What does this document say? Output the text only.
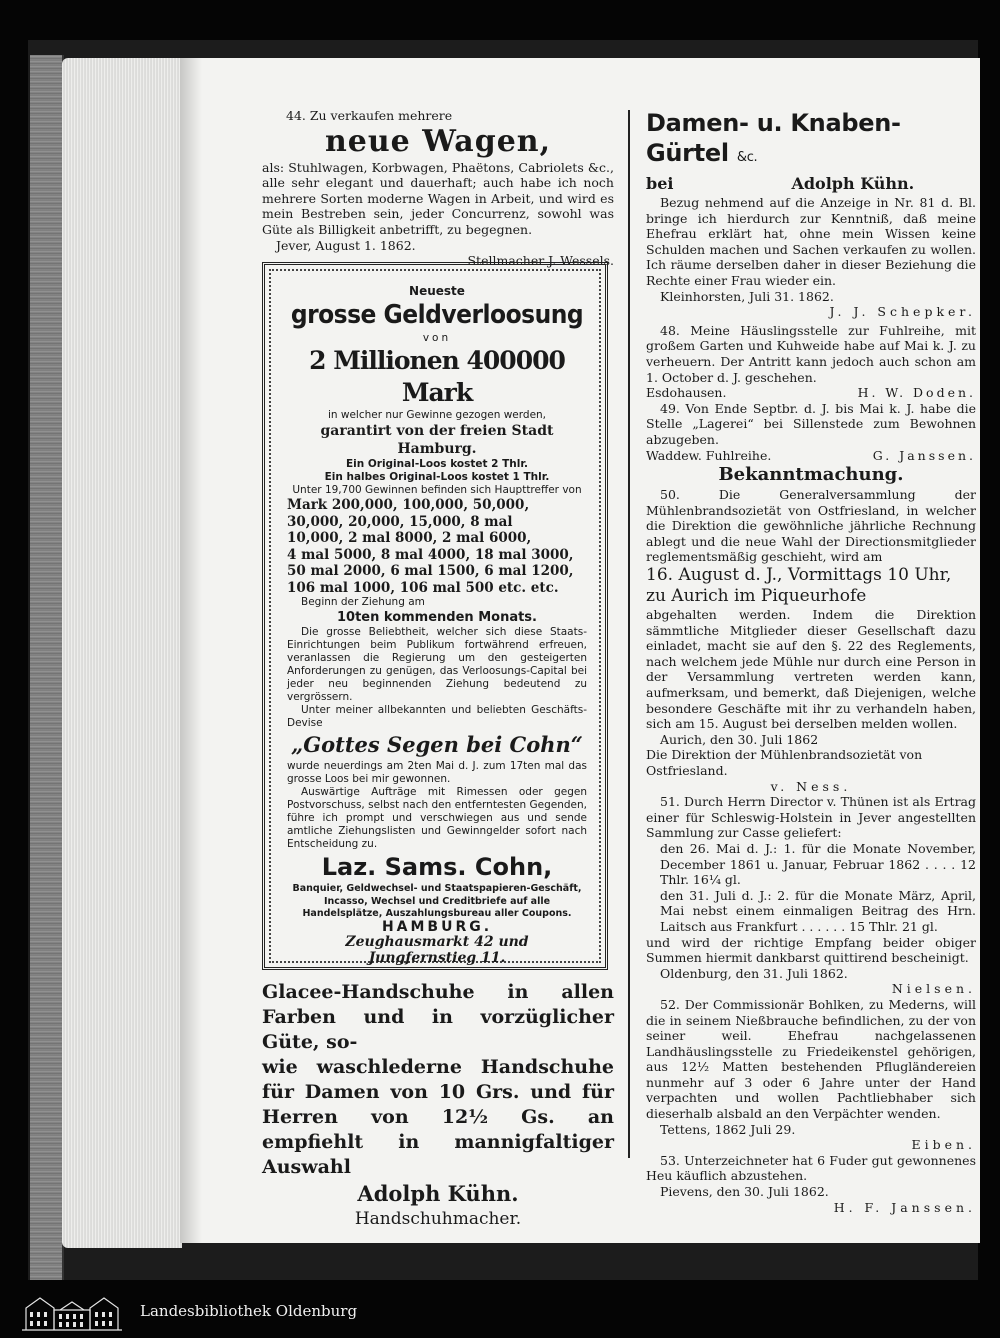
44. Zu verkaufen mehrere

neue Wagen,

als: Stuhlwagen, Korbwagen, Phaëtons, Cabriolets &c., alle sehr elegant und dauerhaft; auch habe ich noch mehrere Sorten moderne Wagen in Arbeit, und wird es mein Bestreben sein, jeder Concurrenz, sowohl was Güte als Billigkeit anbetrifft, zu begegnen.

Jever, August 1. 1862.

Stellmacher J. Wessels.

Neueste

grosse Geldverloosung

von

2 Millionen 400000 Mark

in welcher nur Gewinne gezogen werden,

garantirt von der freien Stadt Hamburg.

Ein Original-Loos kostet 2 Thlr.

Ein halbes Original-Loos kostet 1 Thlr.

Unter 19,700 Gewinnen befinden sich Haupttreffer von

Mark 200,000, 100,000, 50,000,

30,000, 20,000, 15,000, 8 mal

10,000, 2 mal 8000, 2 mal 6000,

4 mal 5000, 8 mal 4000, 18 mal 3000,

50 mal 2000, 6 mal 1500, 6 mal 1200,

106 mal 1000, 106 mal 500 etc. etc.

Beginn der Ziehung am

10ten kommenden Monats.

Die grosse Beliebtheit, welcher sich diese Staats-Einrichtungen beim Publikum fortwährend erfreuen, veranlassen die Regierung um den gesteigerten Anforderungen zu genügen, das Verloosungs-Capital bei jeder neu beginnenden Ziehung bedeutend zu vergrössern.

Unter meiner allbekannten und beliebten Geschäfts-Devise

„Gottes Segen bei Cohn“

wurde neuerdings am 2ten Mai d. J. zum 17ten mal das grosse Loos bei mir gewonnen.

Auswärtige Aufträge mit Rimessen oder gegen Postvorschuss, selbst nach den entferntesten Gegenden, führe ich prompt und verschwiegen aus und sende amtliche Ziehungslisten und Gewinngelder sofort nach Entscheidung zu.

Laz. Sams. Cohn,

Banquier, Geldwechsel- und Staatspapieren-Geschäft, Incasso, Wechsel und Creditbriefe auf alle Handelsplätze, Auszahlungsbureau aller Coupons.

HAMBURG.

Zeughausmarkt 42 und

Jungfernstieg 11.

Glacee-Handschuhe in allen Farben und in vorzüglicher Güte, so-

wie waschlederne Handschuhe für Damen von 10 Grs. und für Herren von 12½ Gs. an empfiehlt in mannigfaltiger Auswahl

Adolph Kühn.

Handschuhmacher.

Damen- u. Knaben-Gürtel &c.

bei	Adolph Kühn.

Bezug nehmend auf die Anzeige in Nr. 81 d. Bl. bringe ich hierdurch zur Kenntniß, daß meine Ehefrau erklärt hat, ohne mein Wissen keine Schulden machen und Sachen verkaufen zu wollen. Ich räume derselben daher in dieser Beziehung die Rechte einer Frau wieder ein.

Kleinhorsten, Juli 31. 1862.

J. J. Schepker.

48. Meine Häuslingsstelle zur Fuhlreihe, mit großem Garten und Kuhweide habe auf Mai k. J. zu verheuern. Der Antritt kann jedoch auch schon am 1. October d. J. geschehen.

Esdohausen.	H. W. Doden.

49. Von Ende Septbr. d. J. bis Mai k. J. habe die Stelle „Lagerei“ bei Sillenstede zum Bewohnen abzugeben.

Waddew. Fuhlreihe.	G. Janssen.

Bekanntmachung.

50. Die Generalversammlung der Mühlenbrandsozietät von Ostfriesland, in welcher die Direktion die gewöhnliche jährliche Rechnung ablegt und die neue Wahl der Directionsmitglieder reglementsmäßig geschieht, wird am

16. August d. J., Vormittags 10 Uhr, zu Aurich im Piqueurhofe

abgehalten werden. Indem die Direktion sämmtliche Mitglieder dieser Gesellschaft dazu einladet, macht sie auf den §. 22 des Reglements, nach welchem jede Mühle nur durch eine Person in der Versammlung vertreten werden kann, aufmerksam, und bemerkt, daß Diejenigen, welche besondere Geschäfte mit ihr zu verhandeln haben, sich am 15. August bei derselben melden wollen.

Aurich, den 30. Juli 1862

Die Direktion der Mühlenbrandsozietät von Ostfriesland.

v. Ness.

51. Durch Herrn Director v. Thünen ist als Ertrag einer für Schleswig-Holstein in Jever angestellten Sammlung zur Casse geliefert:

den 26. Mai d. J.: 1. für die Monate November, December 1861 u. Januar, Februar 1862 . . . . 12 Thlr. 16¼ gl.

den 31. Juli d. J.: 2. für die Monate März, April, Mai nebst einem einmaligen Beitrag des Hrn. Laitsch aus Frankfurt . . . . . . 15 Thlr. 21 gl.

und wird der richtige Empfang beider obiger Summen hiermit dankbarst quittirend bescheinigt.

Oldenburg, den 31. Juli 1862.

Nielsen.

52. Der Commissionär Bohlken, zu Mederns, will die in seinem Nießbrauche befindlichen, zu der von seiner weil. Ehefrau nachgelassenen Landhäuslingsstelle zu Friedeikenstel gehörigen, aus 12½ Matten bestehenden Pflugländereien nunmehr auf 3 oder 6 Jahre unter der Hand verpachten und wollen Pachtliebhaber sich dieserhalb alsbald an den Verpächter wenden.

Tettens, 1862 Juli 29.

Eiben.

53. Unterzeichneter hat 6 Fuder gut gewonnenes Heu käuflich abzustehen.

Pievens, den 30. Juli 1862.

H. F. Janssen.

Landesbibliothek Oldenburg
